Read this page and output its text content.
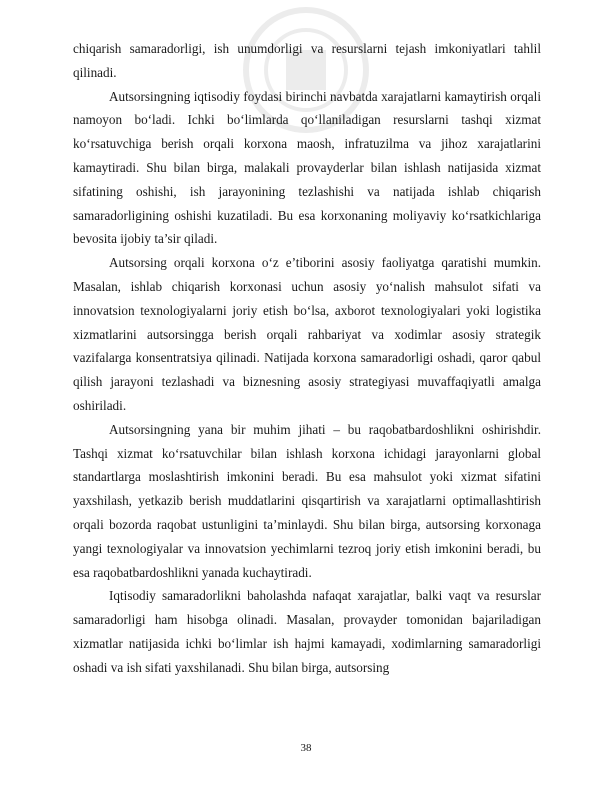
chiqarish samaradorligi, ish unumdorligi va resurslarni tejash imkoniyatlari tahlil qilinadi.

Autsorsingning iqtisodiy foydasi birinchi navbatda xarajatlarni kamaytirish orqali namoyon bo‘ladi. Ichki bo‘limlarda qo‘llaniladigan resurslarni tashqi xizmat ko‘rsatuvchiga berish orqali korxona maosh, infratuzilma va jihoz xarajatlarini kamaytiradi. Shu bilan birga, malakali provayderlar bilan ishlash natijasida xizmat sifatining oshishi, ish jarayonining tezlashishi va natijada ishlab chiqarish samaradorligining oshishi kuzatiladi. Bu esa korxonaning moliyaviy ko‘rsatkichlariga bevosita ijobiy ta’sir qiladi.

Autsorsing orqali korxona o‘z e’tiborini asosiy faoliyatga qaratishi mumkin. Masalan, ishlab chiqarish korxonasi uchun asosiy yo‘nalish mahsulot sifati va innovatsion texnologiyalarni joriy etish bo‘lsa, axborot texnologiyalari yoki logistika xizmatlarini autsorsingga berish orqali rahbariyat va xodimlar asosiy strategik vazifalarga konsentratsiya qilinadi. Natijada korxona samaradorligi oshadi, qaror qabul qilish jarayoni tezlashadi va biznesning asosiy strategiyasi muvaffaqiyatli amalga oshiriladi.

Autsorsingning yana bir muhim jihati – bu raqobatbardoshlikni oshirishdir. Tashqi xizmat ko‘rsatuvchilar bilan ishlash korxona ichidagi jarayonlarni global standartlarga moslashtirish imkonini beradi. Bu esa mahsulot yoki xizmat sifatini yaxshilash, yetkazib berish muddatlarini qisqartirish va xarajatlarni optimallashtirish orqali bozorda raqobat ustunligini ta’minlaydi. Shu bilan birga, autsorsing korxonaga yangi texnologiyalar va innovatsion yechimlarni tezroq joriy etish imkonini beradi, bu esa raqobatbardoshlikni yanada kuchaytiradi.

Iqtisodiy samaradorlikni baholashda nafaqat xarajatlar, balki vaqt va resurslar samaradorligi ham hisobga olinadi. Masalan, provayder tomonidan bajariladigan xizmatlar natijasida ichki bo‘limlar ish hajmi kamayadi, xodimlarning samaradorligi oshadi va ish sifati yaxshilanadi. Shu bilan birga, autsorsing

38
